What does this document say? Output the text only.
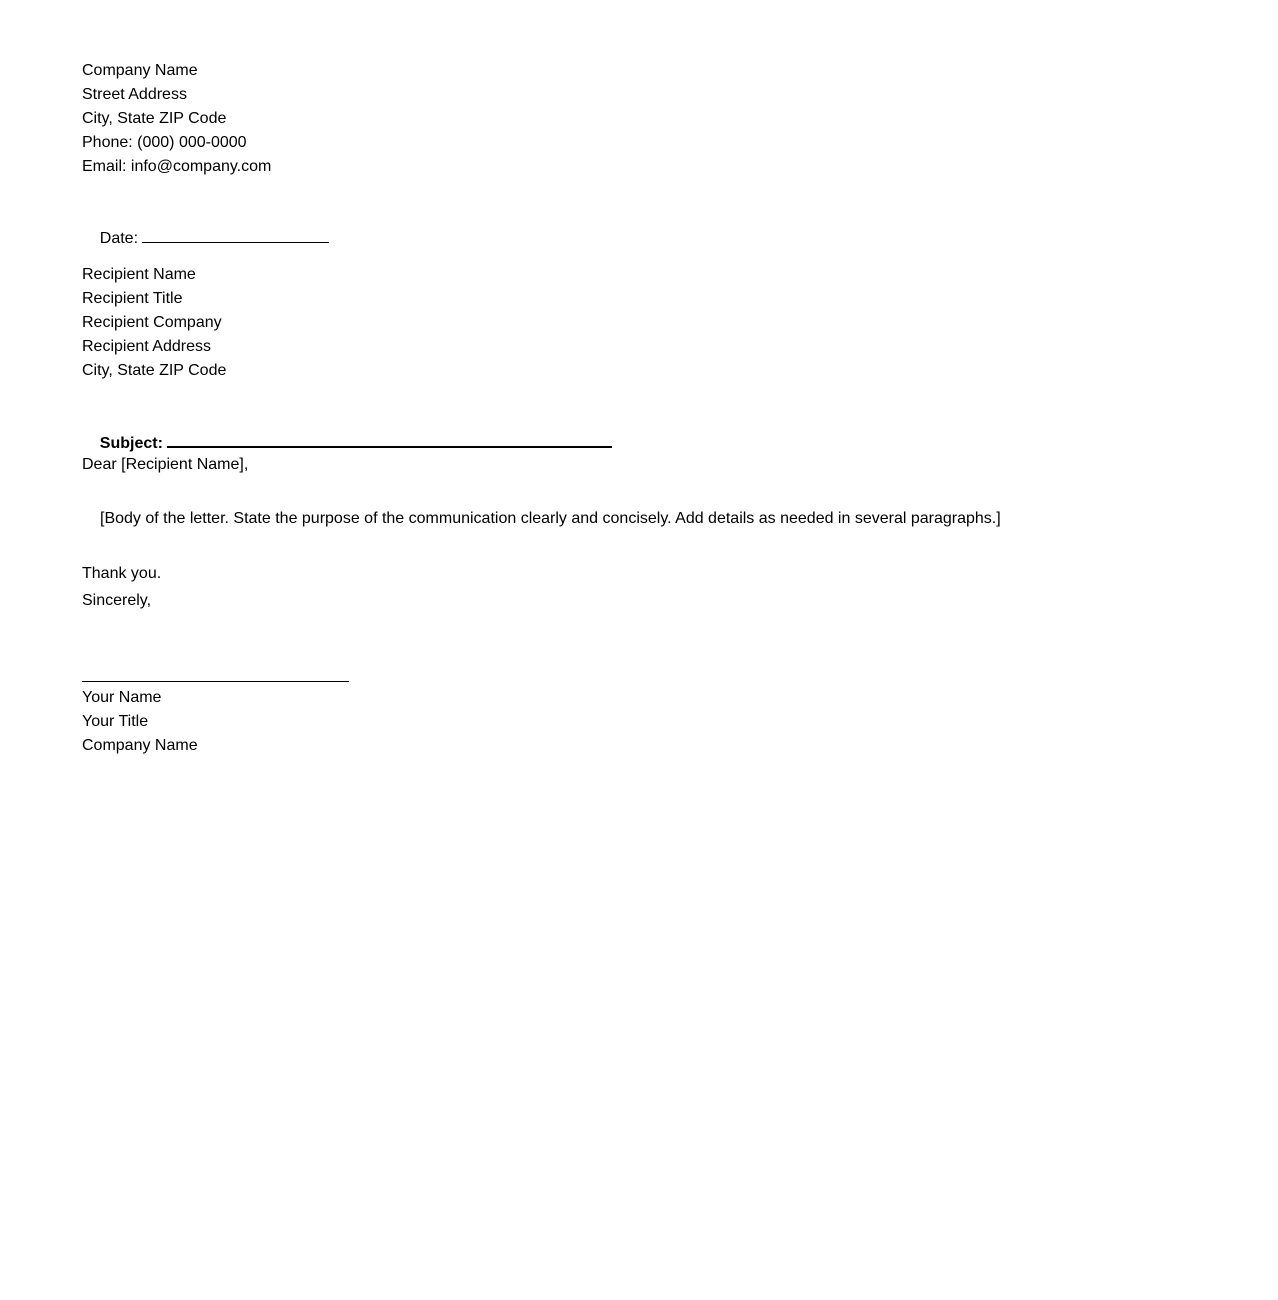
Company Name
Street Address
City, State ZIP Code
Phone: (000) 000-0000
Email: info@company.com

Date:

Recipient Name
Recipient Title
Recipient Company
Recipient Address
City, State ZIP Code

Subject:

Dear [Recipient Name],
[Body of the letter. State the purpose of the communication clearly and concisely. Add details as needed in several paragraphs.]
Thank you.
Sincerely,
Your Name
Your Title
Company Name
